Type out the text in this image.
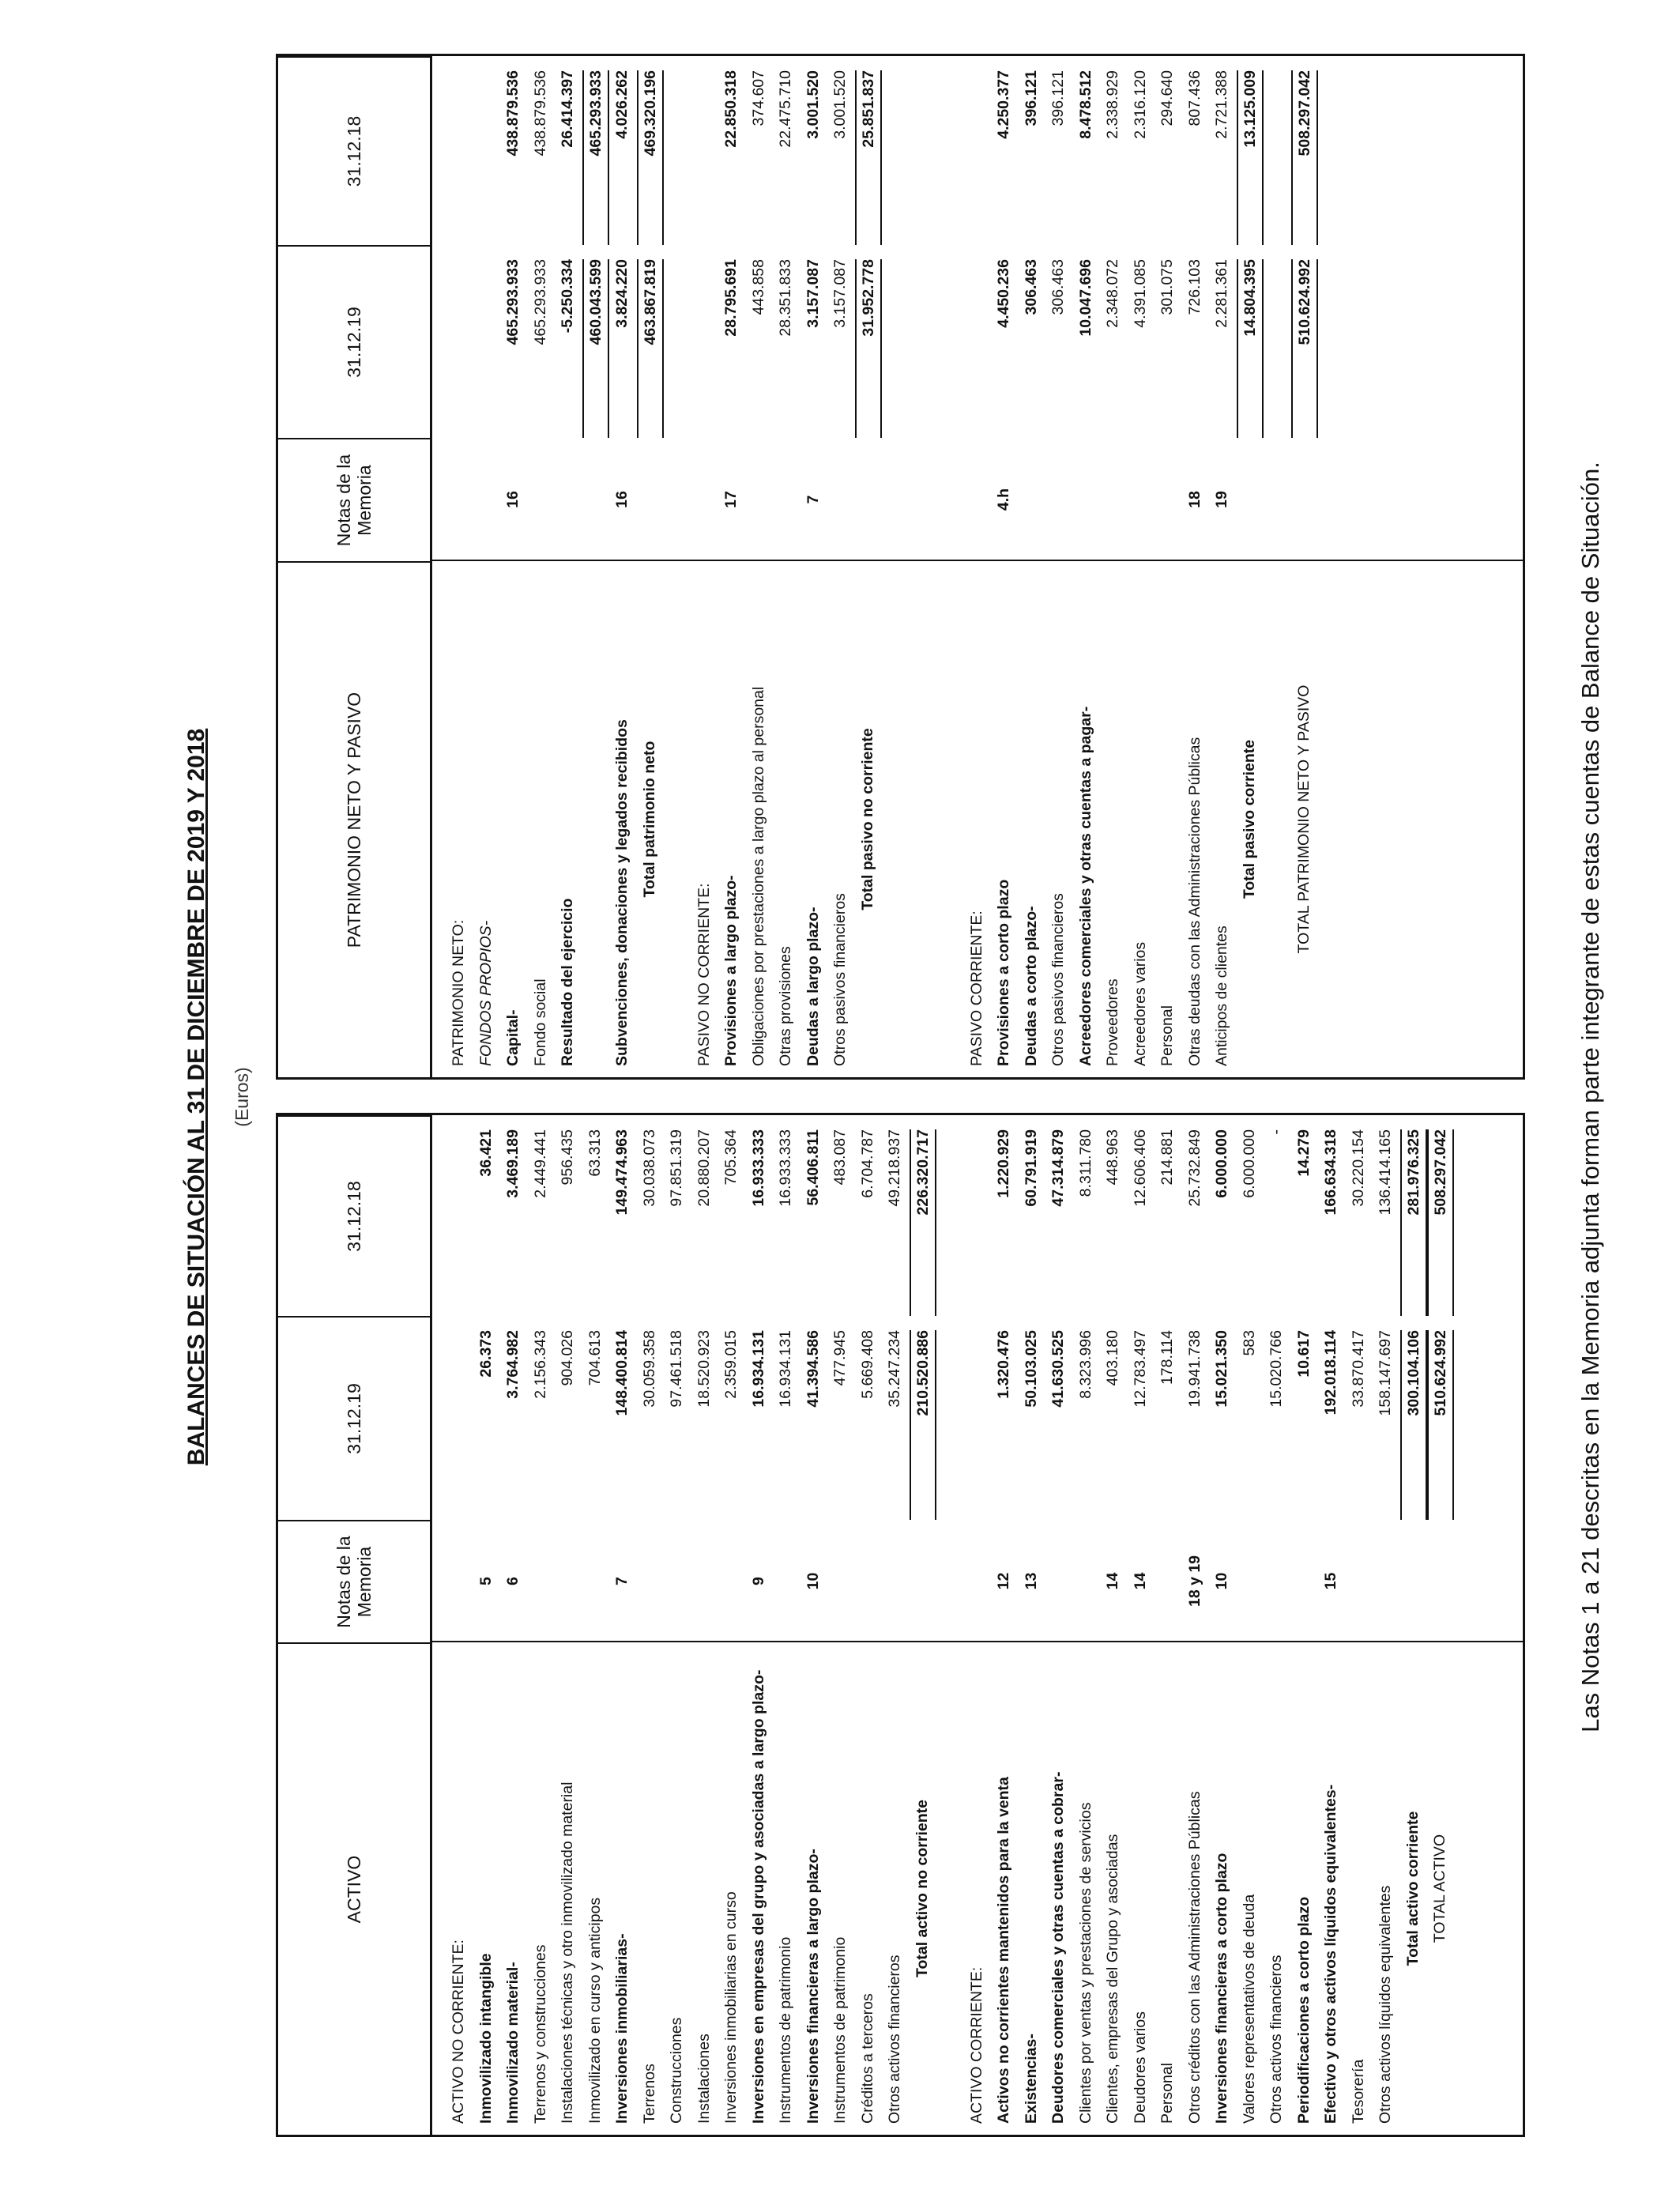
BALANCES DE SITUACIÓN AL 31 DE DICIEMBRE DE 2019 Y 2018 (Euros)
ACTIVO
Notas de la Memoria
31.12.19
31.12.18
ACTIVO NO CORRIENTE: Inmovilizado intangible
5
26.373
36.421
Inmovilizado material-
6
3.764.982
3.469.189
Terrenos y construcciones
2.156.343
2.449.441
Instalaciones técnicas y otro inmovilizado material
904.026
956.435
Inmovilizado en curso y anticipos
704.613
63.313
Inversiones inmobiliarias-
7
148.400.814
149.474.963
Terrenos
30.059.358
30.038.073
Construcciones
97.461.518
97.851.319
Instalaciones
18.520.923
20.880.207
Inversiones inmobiliarias en curso
2.359.015
705.364
Inversiones en empresas del grupo y asociadas a largo plazo-
9
16.934.131
16.933.333
Instrumentos de patrimonio
16.934.131
16.933.333
Inversiones financieras a largo plazo-
10
41.394.586
56.406.811
Instrumentos de patrimonio
477.945
483.087
Créditos a terceros
5.669.408
6.704.787
Otros activos financieros
35.247.234
49.218.937
Total activo no corriente
210.520.886
226.320.717
ACTIVO CORRIENTE: Activos no corrientes mantenidos para la venta
12
1.320.476
1.220.929
Existencias-
13
50.103.025
60.791.919
Deudores comerciales y otras cuentas a cobrar-
41.630.525
47.314.879
Clientes por ventas y prestaciones de servicios
8.323.996
8.311.780
Clientes, empresas del Grupo y asociadas
14
403.180
448.963
Deudores varios
14
12.783.497
12.606.406
Personal
178.114
214.881
Otros créditos con las Administraciones Públicas
18 y 19
19.941.738
25.732.849
Inversiones financieras a corto plazo
10
15.021.350
6.000.000
Valores representativos de deuda
583
6.000.000
Otros activos financieros
15.020.766
-
Periodificaciones a corto plazo
10.617
14.279
Efectivo y otros activos líquidos equivalentes-
15
192.018.114
166.634.318
Tesorería
33.870.417
30.220.154
Otros activos líquidos equivalentes
158.147.697
136.414.165
Total activo corriente
300.104.106
281.976.325
TOTAL ACTIVO
510.624.992
508.297.042
PATRIMONIO NETO Y PASIVO
Notas de la Memoria
31.12.19
31.12.18
PATRIMONIO NETO: FONDOS PROPIOS- Capital-
16
465.293.933
438.879.536
Fondo social
465.293.933
438.879.536
Resultado del ejercicio
-5.250.334
26.414.397
460.043.599
465.293.933
Subvenciones, donaciones y legados recibidos
16
3.824.220
4.026.262
Total patrimonio neto
463.867.819
469.320.196
PASIVO NO CORRIENTE: Provisiones a largo plazo-
17
28.795.691
22.850.318
Obligaciones por prestaciones a largo plazo al personal
443.858
374.607
Otras provisiones
28.351.833
22.475.710
Deudas a largo plazo-
7
3.157.087
3.001.520
Otros pasivos financieros
3.157.087
3.001.520
Total pasivo no corriente
31.952.778
25.851.837
PASIVO CORRIENTE: Provisiones a corto plazo
4.h
4.450.236
4.250.377
Deudas a corto plazo-
306.463
396.121
Otros pasivos financieros
306.463
396.121
Acreedores comerciales y otras cuentas a pagar-
10.047.696
8.478.512
Proveedores
2.348.072
2.338.929
Acreedores varios
4.391.085
2.316.120
Personal
301.075
294.640
Otras deudas con las Administraciones Públicas
18
726.103
807.436
Anticipos de clientes
19
2.281.361
2.721.388
Total pasivo corriente
14.804.395
13.125.009
TOTAL PATRIMONIO NETO Y PASIVO
510.624.992
508.297.042
Las Notas 1 a 21 descritas en la Memoria adjunta forman parte integrante de estas cuentas de Balance de Situación.
